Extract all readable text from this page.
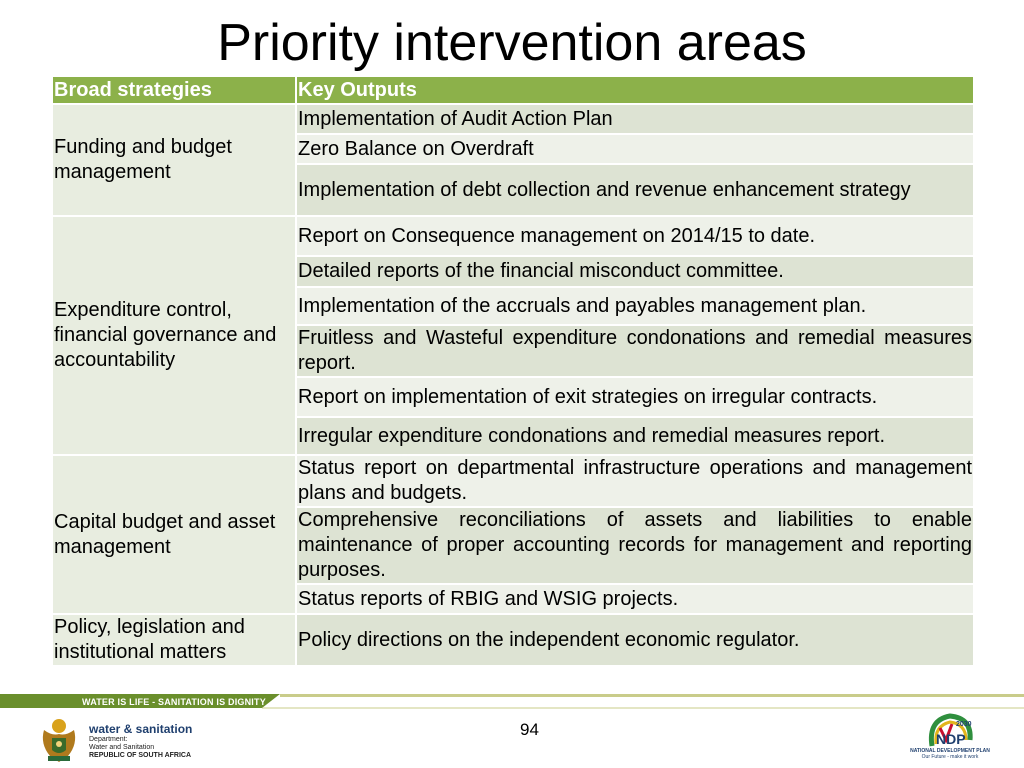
Priority intervention areas
Broad strategies	Key Outputs
Funding and budget management	Implementation of Audit Action Plan
	Zero Balance on Overdraft
	Implementation of debt collection and revenue enhancement strategy
Expenditure control, financial governance and accountability	Report on Consequence management on 2014/15 to date.
	Detailed reports of the financial misconduct committee.
	Implementation of the accruals and payables management plan.
	Fruitless and Wasteful expenditure condonations and remedial measures report.
	Report on implementation of exit strategies on irregular contracts.
	Irregular expenditure condonations and remedial measures report.
Capital budget and asset management	Status report on departmental infrastructure operations and management plans and budgets.
	Comprehensive reconciliations of assets and liabilities to enable maintenance of proper accounting records for management and reporting purposes.
	Status reports of RBIG and WSIG projects.
Policy, legislation and institutional matters	Policy directions on the independent economic regulator.
WATER IS LIFE - SANITATION IS DIGNITY
94
water & sanitation
Department:
Water and Sanitation
REPUBLIC OF SOUTH AFRICA
2030
NDP
NATIONAL DEVELOPMENT PLAN
Our Future - make it work
